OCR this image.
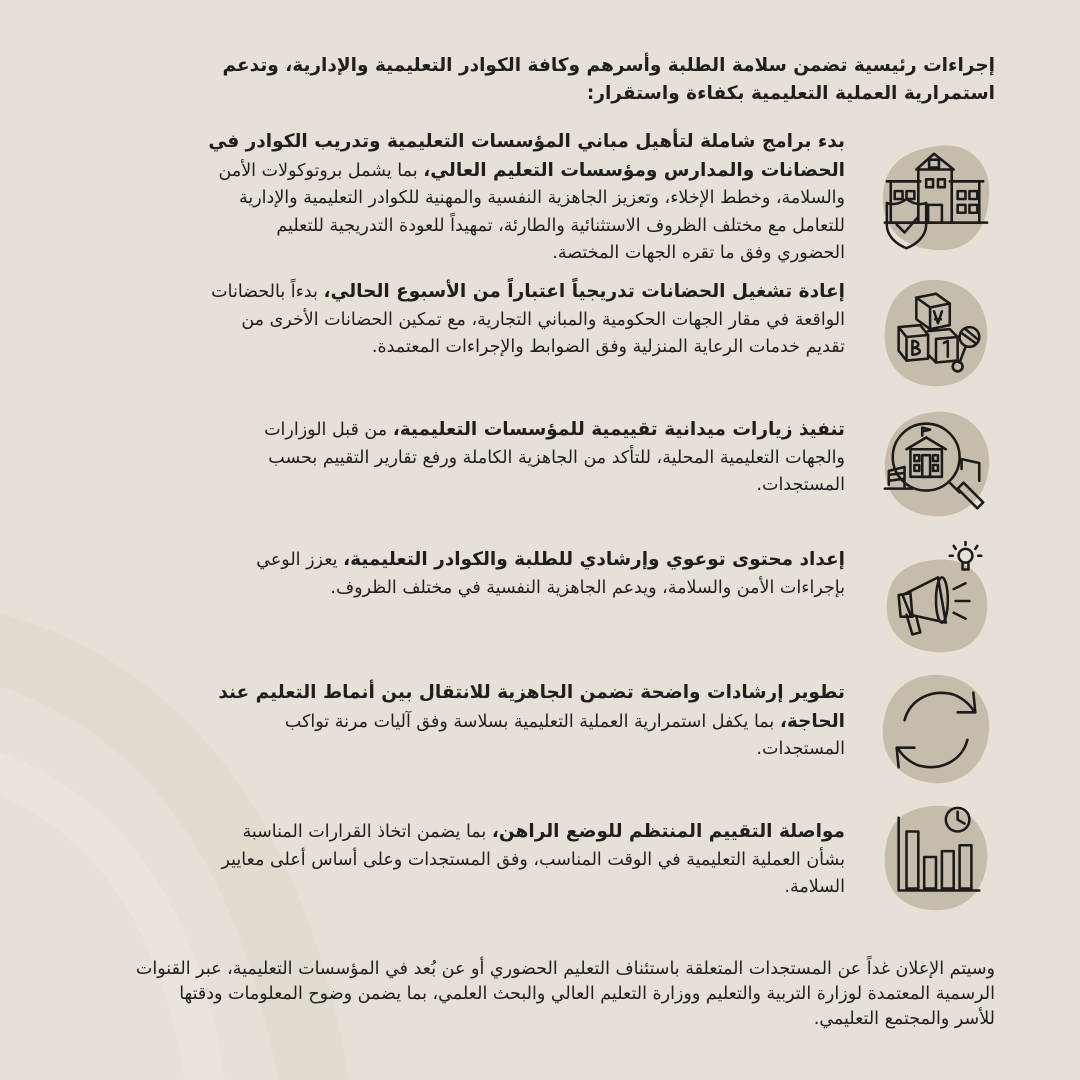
إجراءات رئيسية تضمن سلامة الطلبة وأسرهم وكافة الكوادر التعليمية والإدارية، وتدعم استمرارية العملية التعليمية بكفاءة واستقرار:

بدء برامج شاملة لتأهيل مباني المؤسسات التعليمية وتدريب الكوادر في الحضانات والمدارس ومؤسسات التعليم العالي، بما يشمل بروتوكولات الأمن والسلامة، وخطط الإخلاء، وتعزيز الجاهزية النفسية والمهنية للكوادر التعليمية والإدارية للتعامل مع مختلف الظروف الاستثنائية والطارئة، تمهيداً للعودة التدريجية للتعليم الحضوري وفق ما تقره الجهات المختصة.

إعادة تشغيل الحضانات تدريجياً اعتباراً من الأسبوع الحالي، بدءاً بالحضانات الواقعة في مقار الجهات الحكومية والمباني التجارية، مع تمكين الحضانات الأخرى من تقديم خدمات الرعاية المنزلية وفق الضوابط والإجراءات المعتمدة.

تنفيذ زيارات ميدانية تقييمية للمؤسسات التعليمية، من قبل الوزارات والجهات التعليمية المحلية، للتأكد من الجاهزية الكاملة ورفع تقارير التقييم بحسب المستجدات.

إعداد محتوى توعوي وإرشادي للطلبة والكوادر التعليمية، يعزز الوعي بإجراءات الأمن والسلامة، ويدعم الجاهزية النفسية في مختلف الظروف.

تطوير إرشادات واضحة تضمن الجاهزية للانتقال بين أنماط التعليم عند الحاجة، بما يكفل استمرارية العملية التعليمية بسلاسة وفق آليات مرنة تواكب المستجدات.

مواصلة التقييم المنتظم للوضع الراهن، بما يضمن اتخاذ القرارات المناسبة بشأن العملية التعليمية في الوقت المناسب، وفق المستجدات وعلى أساس أعلى معايير السلامة.

وسيتم الإعلان غداً عن المستجدات المتعلقة باستئناف التعليم الحضوري أو عن بُعد في المؤسسات التعليمية، عبر القنوات الرسمية المعتمدة لوزارة التربية والتعليم ووزارة التعليم العالي والبحث العلمي، بما يضمن وضوح المعلومات ودقتها للأسر والمجتمع التعليمي.
